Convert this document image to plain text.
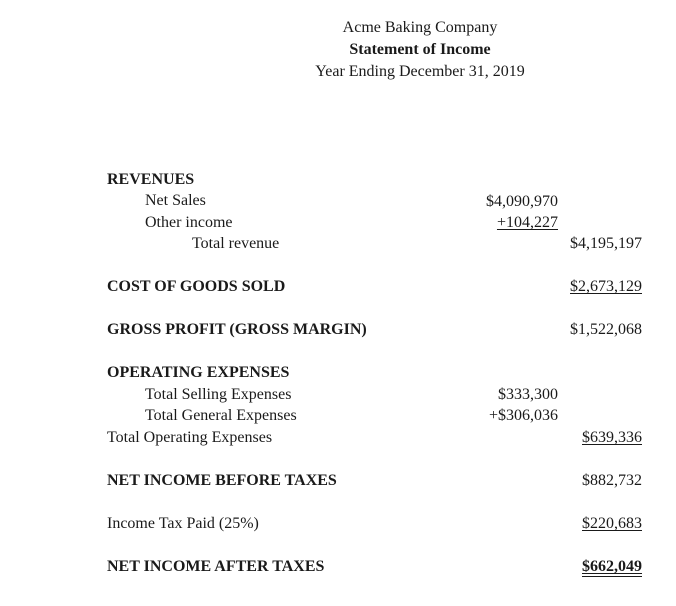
Acme Baking Company
Statement of Income
Year Ending December 31, 2019
REVENUES
Net Sales	$4,090,970
Other income	+104,227
Total revenue	$4,195,197
COST OF GOODS SOLD	$2,673,129
GROSS PROFIT (GROSS MARGIN)	$1,522,068
OPERATING EXPENSES
Total Selling Expenses	$333,300
Total General Expenses	+$306,036
Total Operating Expenses	$639,336
NET INCOME BEFORE TAXES	$882,732
Income Tax Paid (25%)	$220,683
NET INCOME AFTER TAXES	$662,049
